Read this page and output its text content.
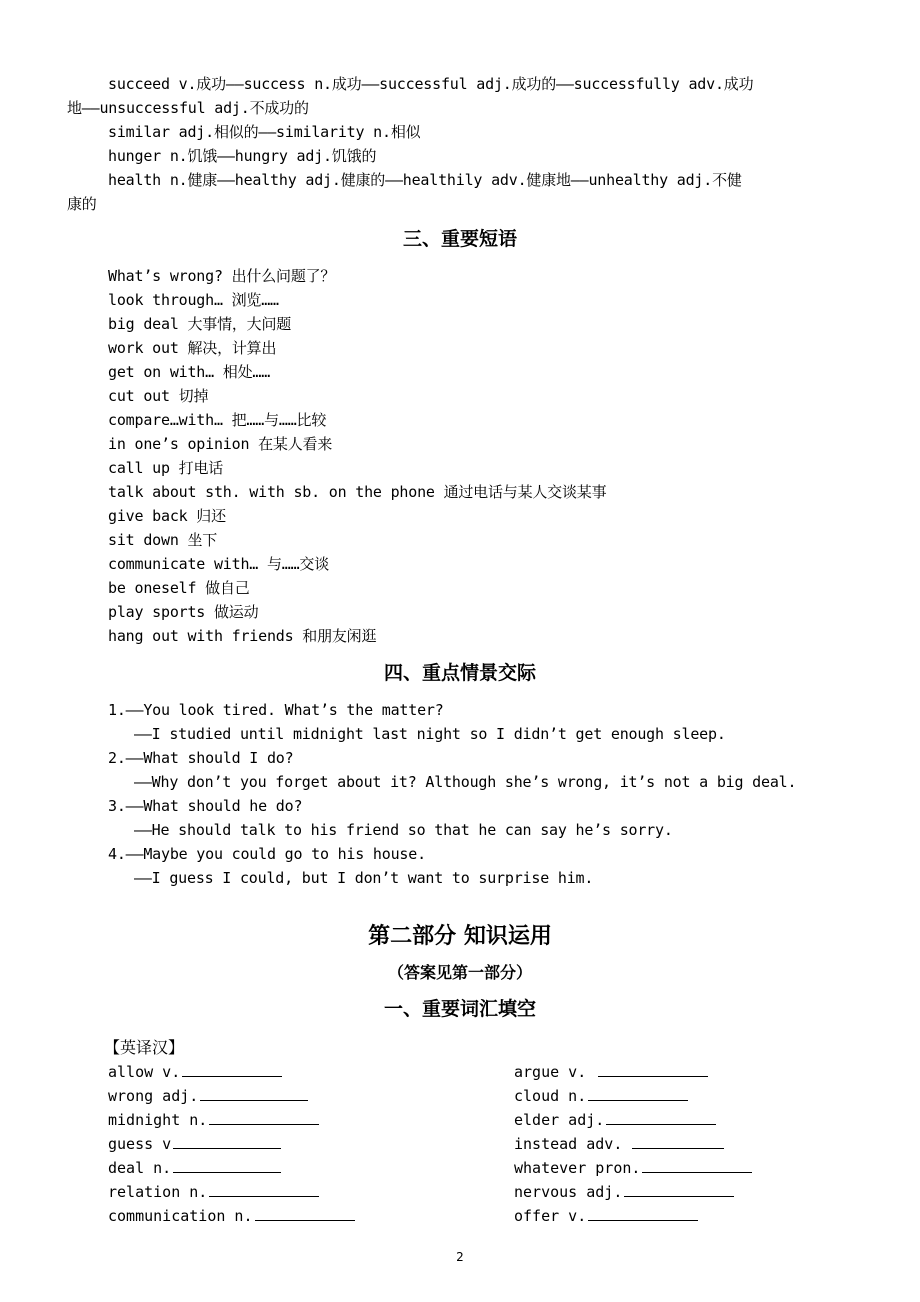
succeed v.成功——success n.成功——successful adj.成功的——successfully adv.成功
地——unsuccessful adj.不成功的
similar adj.相似的——similarity n.相似
hunger n.饥饿——hungry adj.饥饿的
health n.健康——healthy adj.健康的——healthily adv.健康地——unhealthy adj.不健
康的
三、重要短语
What’s wrong? 出什么问题了？
look through… 浏览……
big deal 大事情，大问题
work out 解决，计算出
get on with… 相处……
cut out 切掉
compare…with… 把……与……比较
in one’s opinion 在某人看来
call up 打电话
talk about sth. with sb. on the phone 通过电话与某人交谈某事
give back 归还
sit down 坐下
communicate with… 与……交谈
be oneself 做自己
play sports 做运动
hang out with friends 和朋友闲逛
四、重点情景交际
1.——You look tired. What’s the matter?
——I studied until midnight last night so I didn’t get enough sleep.
2.——What should I do?
——Why don’t you forget about it? Although she’s wrong, it’s not a big deal.
3.——What should he do?
——He should talk to his friend so that he can say he’s sorry.
4.——Maybe you could go to his house.
——I guess I could, but I don’t want to surprise him.
第二部分 知识运用
（答案见第一部分）
一、重要词汇填空
【英译汉】
allow v.
wrong adj.
midnight n.
guess v
deal n.
relation n.
communication n.
argue v.
cloud n.
elder adj.
instead adv.
whatever pron.
nervous adj.
offer v.
2
